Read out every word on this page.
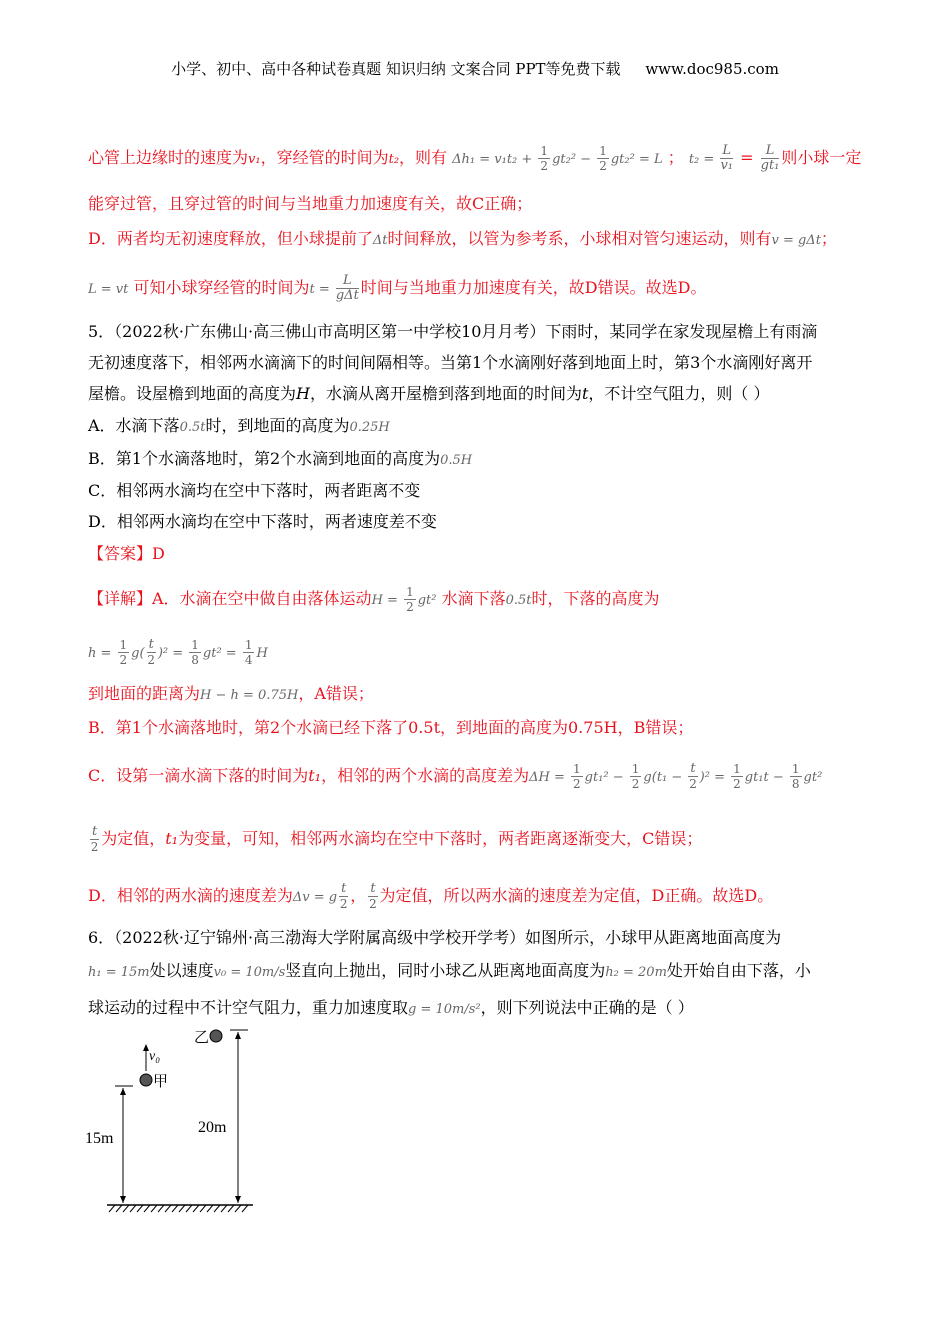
小学、初中、高中各种试卷真题 知识归纳 文案合同 PPT等免费下载 www.doc985.com
心管上边缘时的速度为v₁，穿经管的时间为t₂，则有 $\Delta h_1 = v_1t_2 + \frac{1}{2} gt_2^2 - \frac{1}{2} gt_2^2 = L$ ； $t_2 = \frac{L}{\text{v₁}} = \frac{L}{\text{gt₁}}$ 则小球一定
能穿过管，且穿过管的时间与当地重力加速度有关，故C正确；
D．两者均无初速度释放，但小球提前了Δt时间释放，以管为参考系，小球相对管匀速运动，则有v = gΔt；
L = vt 可知小球穿经管的时间为t =
L
gΔt 时间与当地重力加速度有关，故D错误。故选D。
5．（2022秋·广东佛山·高三佛山市高明区第一中学校10月月考）下雨时，某同学在家发现屋檐上有雨滴
无初速度落下，相邻两水滴滴下的时间间隔相等。当第1个水滴刚好落到地面上时，第3个水滴刚好离开
屋檐。设屋檐到地面的高度为H，水滴从离开屋檐到落到地面的时间为t，不计空气阻力，则（ ）
A．水滴下落0.5t时，到地面的高度为0.25H
B．第1个水滴落地时，第2个水滴到地面的高度为0.5H
C．相邻两水滴均在空中下落时，两者距离不变
D．相邻两水滴均在空中下落时，两者速度差不变
【答案】D
【详解】A．水滴在空中做自由落体运动$H = \frac{1}{2} gt^2$ 水滴下落0.5t时，下落的高度为
$h = \frac{1}{2} g( \frac{t}{2} )^2 = \frac{1}{8} gt^2 = \frac{1}{4}$ H
到地面的距离为H − h = 0.75H，A错误；
B．第1个水滴落地时，第2个水滴已经下落了0.5t，到地面的高度为0.75H，B错误；
C．设第一滴水滴下落的时间为t₁，相邻的两个水滴的高度差为$\Delta H = \frac{1}{2} gt_1^2 - \frac{1}{2} g(t_1 - \frac{t}{2} )^2 = \frac{1}{2} gt_1t - \frac{1}{8} gt^2$
$\frac{t}{2}$ 为定值，t₁为变量，可知，相邻两水滴均在空中下落时，两者距离逐渐变大，C错误；
D．相邻的两水滴的速度差为Δv = g $\frac{t}{2}$ ， $\frac{t}{2}$ 为定值，所以两水滴的速度差为定值，D正确。故选D。
6．（2022秋·辽宁锦州·高三渤海大学附属高级中学校开学考）如图所示，小球甲从距离地面高度为
h₁ = 15m处以速度v₀ = 10m/s竖直向上抛出，同时小球乙从距离地面高度为h₂ = 20m处开始自由下落，小
球运动的过程中不计空气阻力，重力加速度取g = 10m/s²，则下列说法中正确的是（ ）
15m
甲
v₀
20m
乙
